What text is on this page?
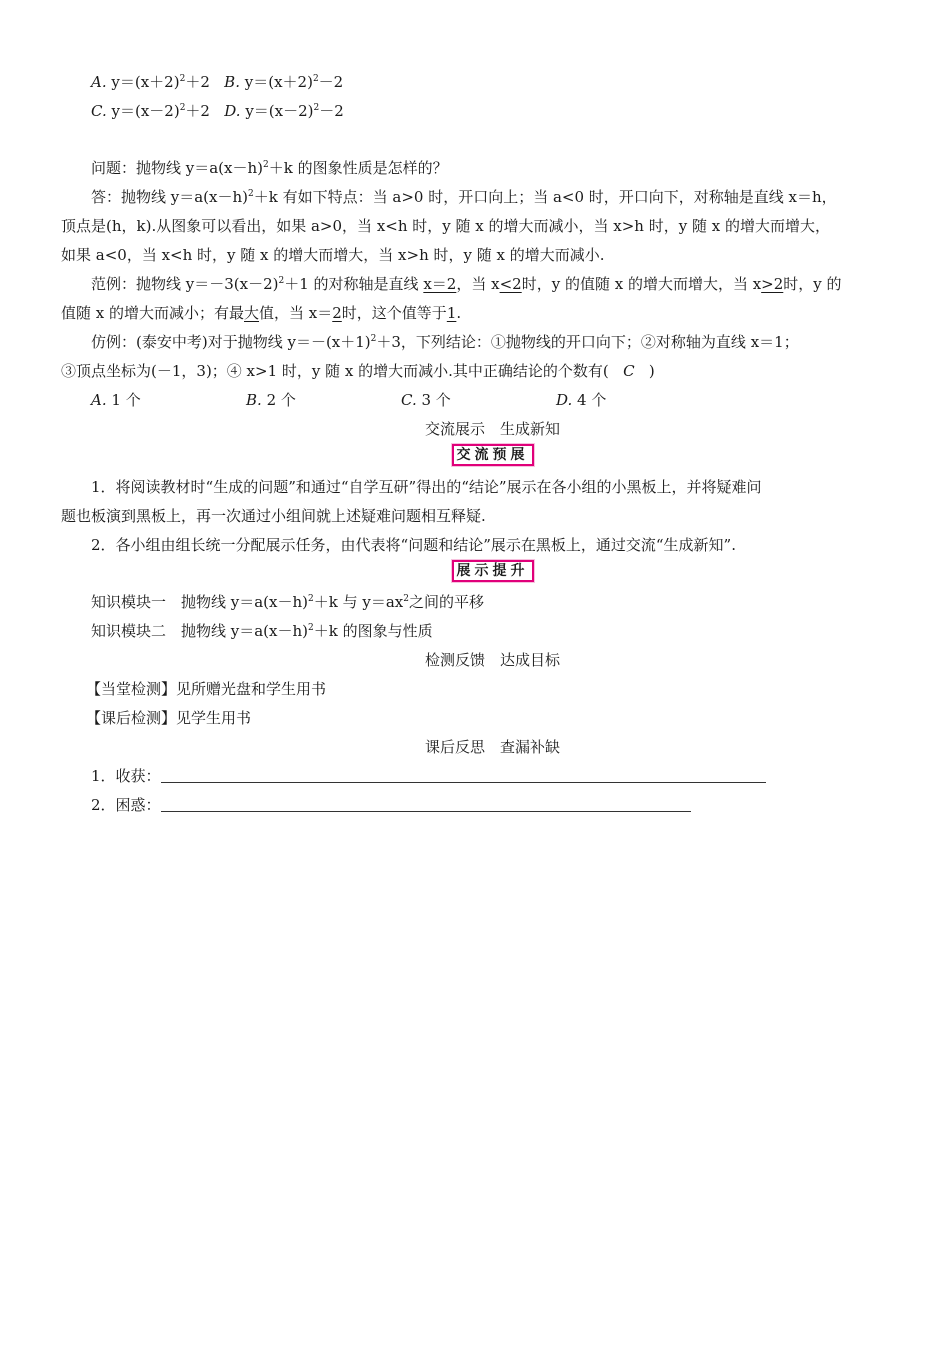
A. $y=(x+2)^2+2$ B. $y=(x+2)^2-2$
C. $y=(x-2)^2+2$ D. $y=(x-2)^2-2$
问题：抛物线 $y=a(x-h)^2+k$ 的图象性质是怎样的？
答：抛物线 $y=a(x-h)^2+k$ 有如下特点：当 a>0 时，开口向上；当 a<0 时，开口向下，对称轴是直线 x＝h，
顶点是(h，k).从图象可以看出，如果 a>0，当 x<h 时，y 随 x 的增大而减小，当 x>h 时，y 随 x 的增大而增大，
如果 a<0，当 x<h 时，y 随 x 的增大而增大，当 x>h 时，y 随 x 的增大而减小.
范例：抛物线 $y=-3(x-2)^2+1$ 的对称轴是直线 x＝2，当 x<2时，y 的值随 x 的增大而增大，当 x>2时，y 的
值随 x 的增大而减小；有最大值，当 x＝2时，这个值等于1.
仿例：(泰安中考)对于抛物线 $y=-(x+1)^2+3$，下列结论：①抛物线的开口向下；②对称轴为直线 x＝1；
③顶点坐标为(－1，3)；④ x>1 时，y 随 x 的增大而减小.其中正确结论的个数有( C )
A. 1 个	B. 2 个	C. 3 个	D. 4 个
交流展示　生成新知
交流预展
1．将阅读教材时“生成的问题”和通过“自学互研”得出的“结论”展示在各小组的小黑板上，并将疑难问
题也板演到黑板上，再一次通过小组间就上述疑难问题相互释疑.
2．各小组由组长统一分配展示任务，由代表将“问题和结论”展示在黑板上，通过交流“生成新知”.
展示提升
知识模块一　抛物线 $y=a(x-h)^2+k$ 与 $y=ax^2$之间的平移
知识模块二　抛物线 $y=a(x-h)^2+k$ 的图象与性质
检测反馈　达成目标
【当堂检测】见所赠光盘和学生用书
【课后检测】见学生用书
课后反思　查漏补缺
1．收获：
2．困惑：
